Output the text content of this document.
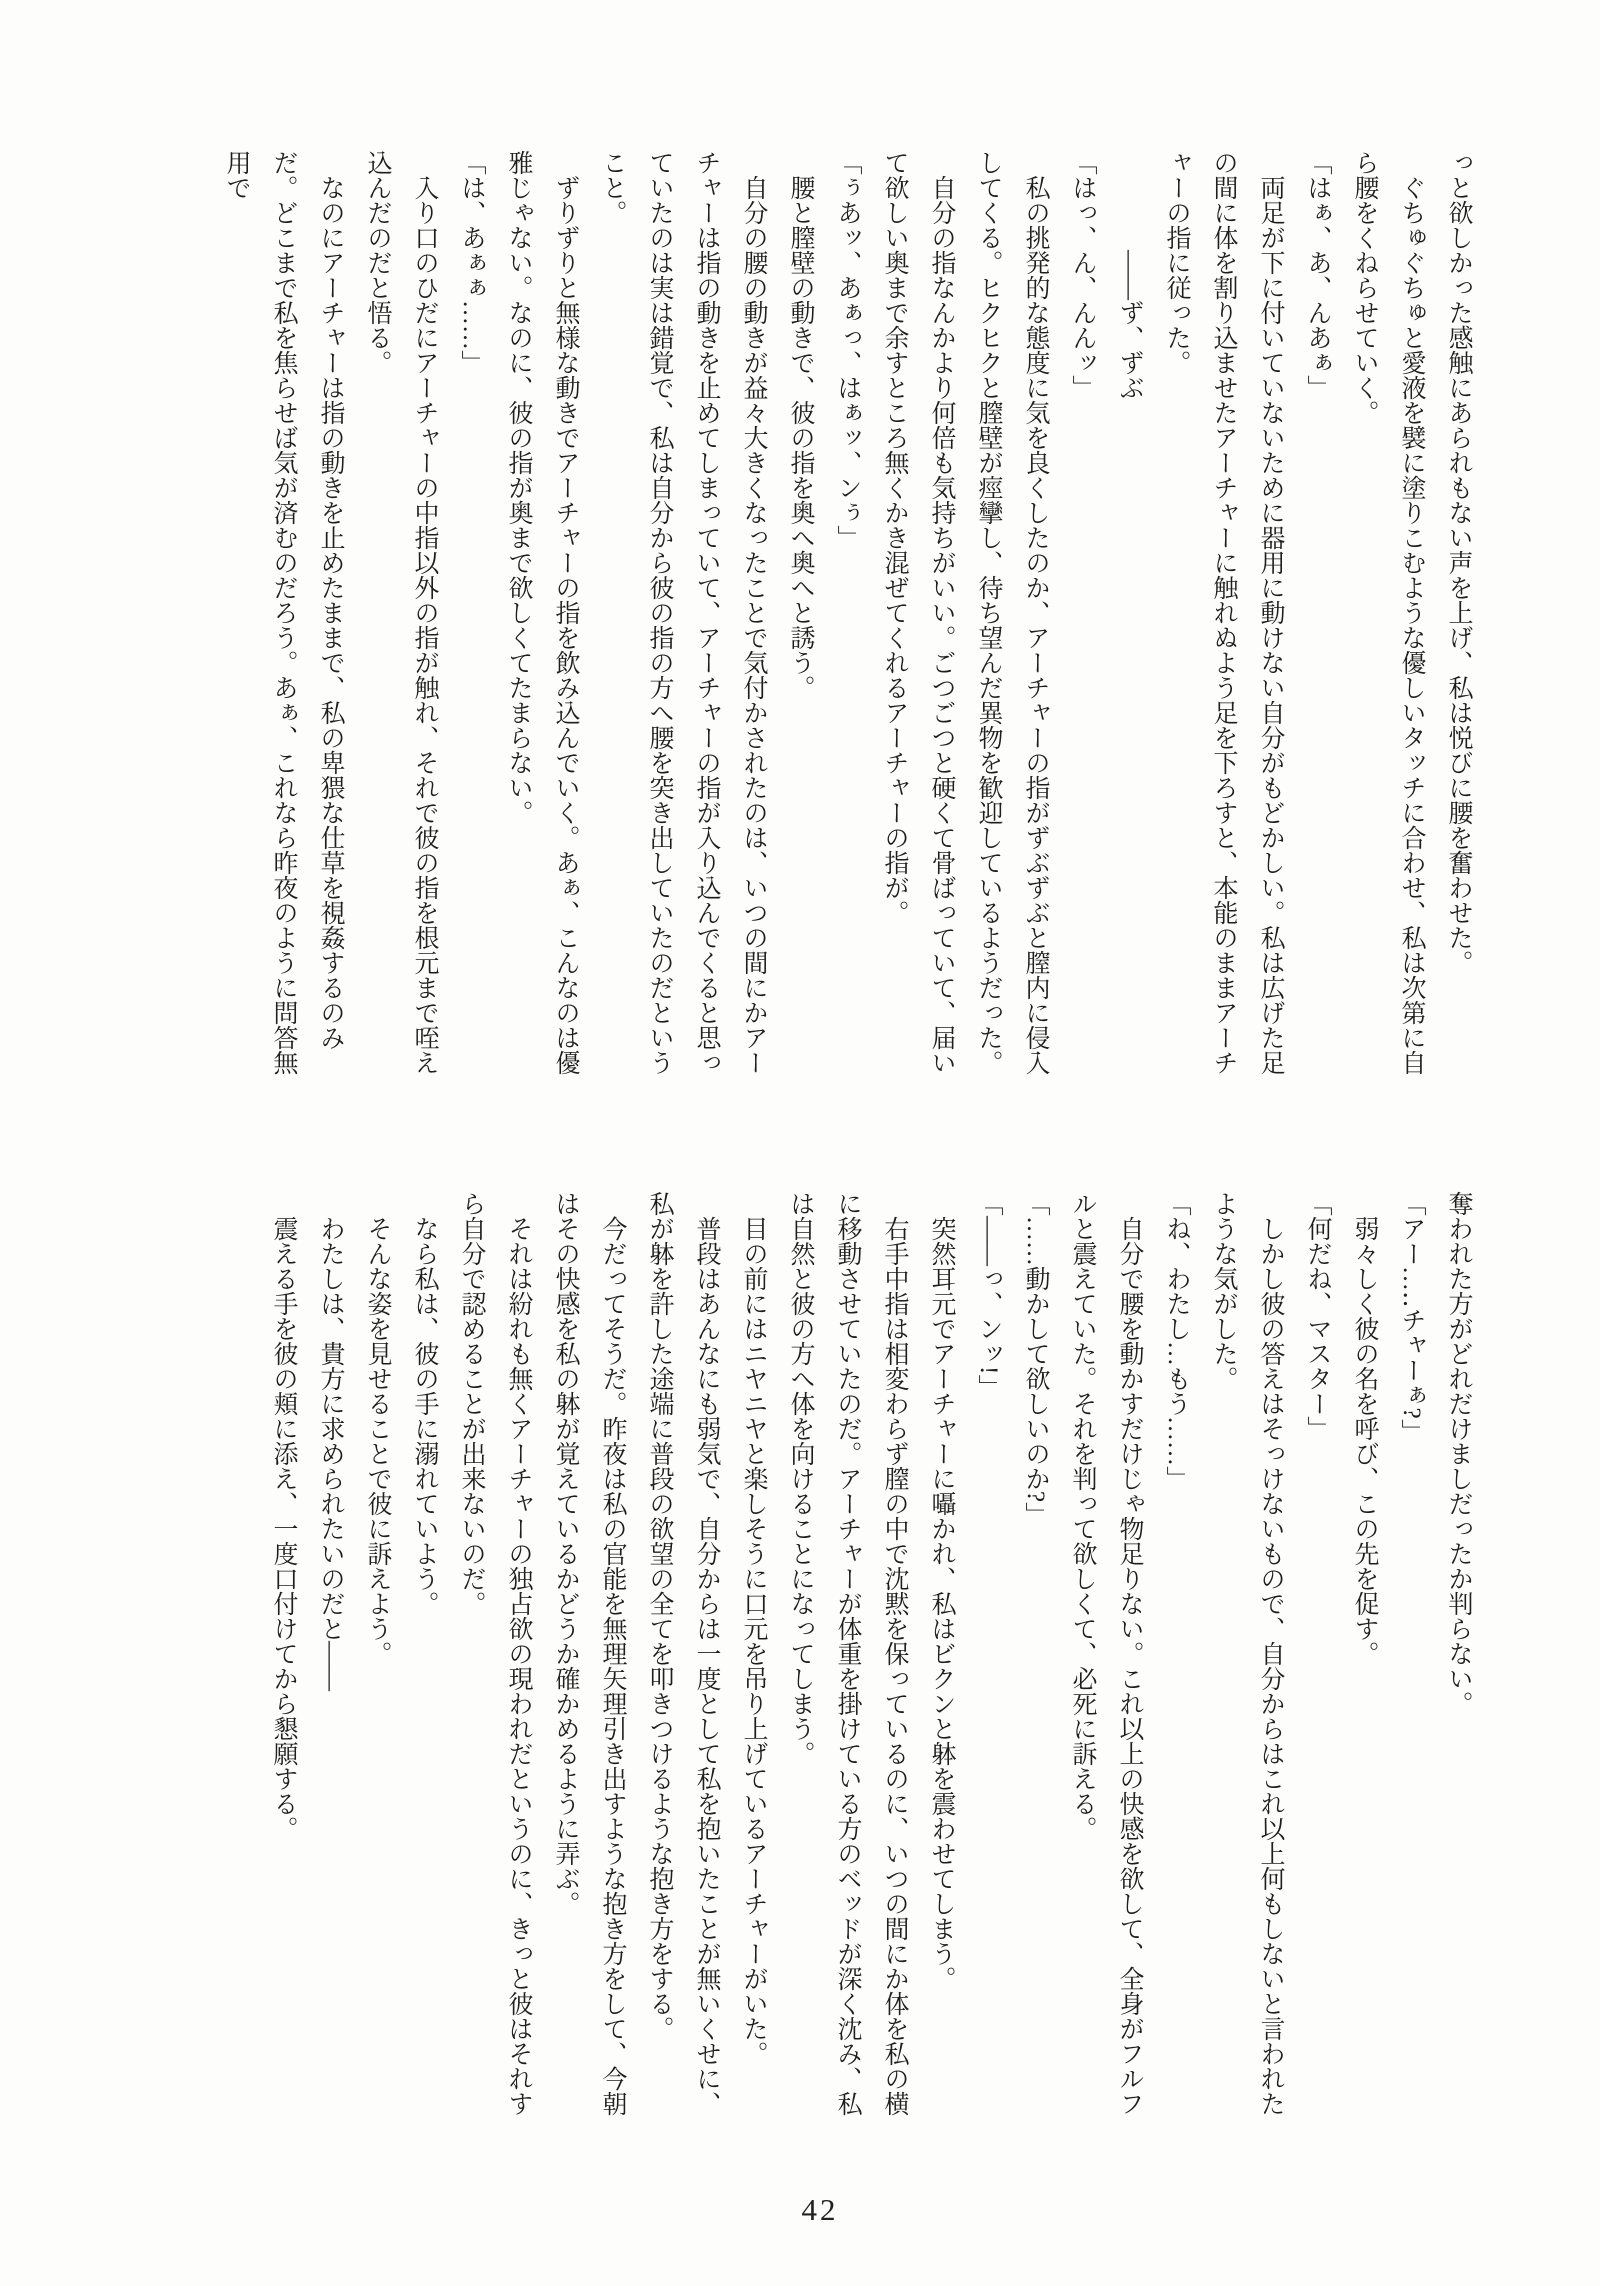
っと欲しかった感触にあられもない声を上げ、私は悦びに腰を奮わせた。

ぐちゅぐちゅと愛液を襞に塗りこむような優しいタッチに合わせ、私は次第に自ら腰をくねらせていく。

「はぁ、あ、んあぁ」

両足が下に付いていないために器用に動けない自分がもどかしい。私は広げた足の間に体を割り込ませたアーチャーに触れぬよう足を下ろすと、本能のままアーチャーの指に従った。

――ず、ずぶ

「はっ、ん、んんッ」

私の挑発的な態度に気を良くしたのか、アーチャーの指がずぶずぶと膣内に侵入してくる。ヒクヒクと膣壁が痙攣し、待ち望んだ異物を歓迎しているようだった。

自分の指なんかより何倍も気持ちがいい。ごつごつと硬くて骨ばっていて、届いて欲しい奥まで余すところ無くかき混ぜてくれるアーチャーの指が。

「ぅあッ、あぁっ、はぁッ、ンぅ」

腰と膣壁の動きで、彼の指を奥へ奥へと誘う。

自分の腰の動きが益々大きくなったことで気付かされたのは、いつの間にかアーチャーは指の動きを止めてしまっていて、アーチャーの指が入り込んでくると思っていたのは実は錯覚で、私は自分から彼の指の方へ腰を突き出していたのだということ。

ずりずりと無様な動きでアーチャーの指を飲み込んでいく。あぁ、こんなのは優雅じゃない。なのに、彼の指が奥まで欲しくてたまらない。

「は、あぁぁ……」

入り口のひだにアーチャーの中指以外の指が触れ、それで彼の指を根元まで咥え込んだのだと悟る。

なのにアーチャーは指の動きを止めたままで、私の卑猥な仕草を視姦するのみだ。どこまで私を焦らせば気が済むのだろう。あぁ、これなら昨夜のように問答無用で

奪われた方がどれだけましだったか判らない。

「アー…‥チャーぁ?」

弱々しく彼の名を呼び、この先を促す。

「何だね、マスター」

しかし彼の答えはそっけないもので、自分からはこれ以上何もしないと言われたような気がした。

「ね、わたし…もう……」

自分で腰を動かすだけじゃ物足りない。これ以上の快感を欲して、全身がフルフルと震えていた。それを判って欲しくて、必死に訴える。

「……動かして欲しいのか?」

「――っ、ンッ!」

突然耳元でアーチャーに囁かれ、私はビクンと躰を震わせてしまう。

右手中指は相変わらず膣の中で沈黙を保っているのに、いつの間にか体を私の横に移動させていたのだ。アーチャーが体重を掛けている方のベッドが深く沈み、私は自然と彼の方へ体を向けることになってしまう。

目の前にはニヤニヤと楽しそうに口元を吊り上げているアーチャーがいた。

普段はあんなにも弱気で、自分からは一度として私を抱いたことが無いくせに、私が躰を許した途端に普段の欲望の全てを叩きつけるような抱き方をする。

今だってそうだ。昨夜は私の官能を無理矢理引き出すような抱き方をして、今朝はその快感を私の躰が覚えているかどうか確かめるように弄ぶ。

それは紛れも無くアーチャーの独占欲の現われだというのに、きっと彼はそれすら自分で認めることが出来ないのだ。

なら私は、彼の手に溺れていよう。

そんな姿を見せることで彼に訴えよう。

わたしは、貴方に求められたいのだと――

震える手を彼の頬に添え、一度口付けてから懇願する。

42
